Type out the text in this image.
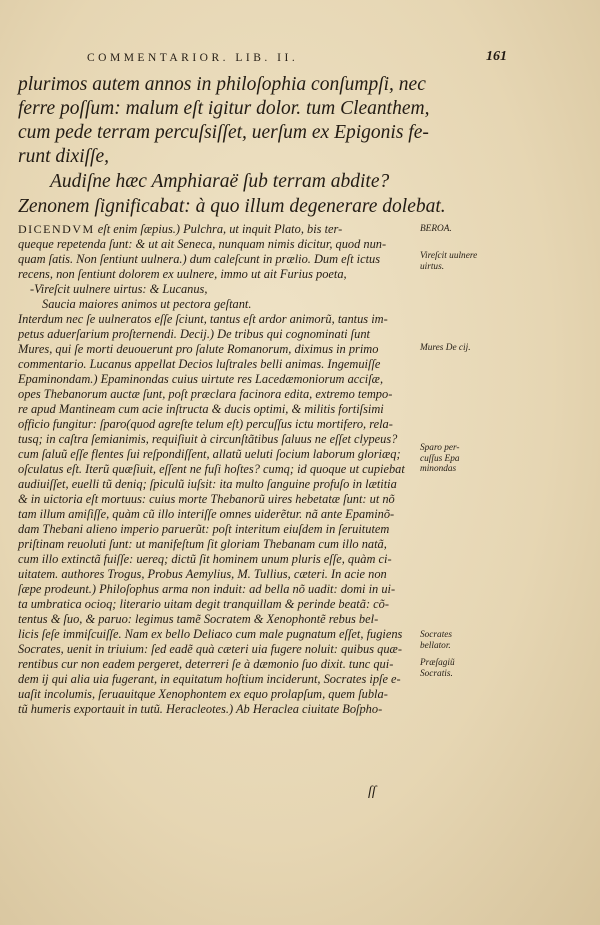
COMMENTARIOR. LIB. II.	161
plurimos autem annos in philoſophia conſumpſi, nec
ferre poſſum: malum eſt igitur dolor. tum Cleanthem,
cum pede terram percuſsiſſet, uerſum ex Epigonis fe-
runt dixiſſe,
Audiſne hæc Amphiaraë ſub terram abdite?
Zenonem ſignificabat: à quo illum degenerare dolebat.
DICENDVM eſt enim ſæpius.) Pulchra, ut inquit Plato, bis ter-
queque repetenda ſunt: & ut ait Seneca, nunquam nimis dicitur, quod nun-
quam ſatis. Non ſentiunt uulnera.) dum caleſcunt in prælio. Dum eſt ictus
recens, non ſentiunt dolorem ex uulnere, immo ut ait Furius poeta,
-Vireſcit uulnere uirtus: & Lucanus,
Sauciа maiores animos ut pectora geſtant.
Interdum nec ſe uulneratos eſſe ſciunt, tantus eſt ardor animorũ, tantus im-
petus aduerſarium proſternendi. Decij.) De tribus qui cognominati ſunt
Mures, qui ſe morti deuouerunt pro ſalute Romanorum, diximus in primo
commentario. Lucanus appellat Decios luſtrales belli animas. Ingemuiſſe
Epaminondam.) Epaminondas cuius uirtute res Lacedæmoniorum acciſæ,
opes Thebanorum auctæ ſunt, poſt præclara facinora edita, extremo tempo-
re apud Mantineam cum acie inſtructa & ducis optimi, & militis fortiſsimi
officio fungitur: ſparo(quod agreſte telum eſt) percuſſus ictu mortifero, rela-
tusq; in caſtra ſemianimis, requiſiuit à circunſtãtibus ſaluus ne eſſet clypeus?
cum ſaluũ eſſe flentes ſui reſpondiſſent, allatũ ueluti ſocium laborum gloriæq;
oſculatus eſt. Iterũ quæſiuit, eſſent ne fuſi hoſtes? cumq; id quoque ut cupiebat
audiuiſſet, euelli tũ deniq; ſpiculũ iuſsit: ita multo ſanguine profuſo in lætitia
& in uictoria eſt mortuus: cuius morte Thebanorũ uires hebetatæ ſunt: ut nõ
tam illum amiſiſſe, quàm cũ illo interiſſe omnes uiderẽtur. nã ante Epaminõ-
dam Thebani alieno imperio paruerũt: poſt interitum eiuſdem in ſeruitutem
priſtinam reuoluti ſunt: ut manifeſtum ſit gloriam Thebanam cum illo natã,
cum illo extinctã fuiſſe: uereq; dictũ ſit hominem unum pluris eſſe, quàm ci-
uitatem. authores Trogus, Probus Aemylius, M. Tullius, cæteri. In acie non
ſæpe prodeunt.) Philoſophus arma non induit: ad bella nõ uadit: domi in ui-
ta umbratica ocioq; literario uitam degit tranquillam & perinde beatã: cõ-
tentus & ſuo, & paruo: legimus tamẽ Socratem & Xenophontẽ rebus bel-
licis ſeſe immiſcuiſſe. Nam ex bello Deliaco cum male pugnatum eſſet, fugiens
Socrates, uenit in triuium: ſed eadẽ quà cæteri uia fugere noluit: quibus quæ-
rentibus cur non eadem pergeret, deterreri ſe à dæmonio ſuo dixit. tunc qui-
dem ij qui alia uia fugerant, in equitatum hoſtium inciderunt, Socrates ipſe e-
uaſit incolumis, ſeruauitque Xenophontem ex equo prolapſum, quem ſubla-
tũ humeris exportauit in tutũ. Heracleotes.) Ab Heraclea ciuitate Boſpho-
BEROA.
Vireſcit uulnere uirtus.
Mures De cij.
Sparo per-cuſſus Epa minondas
Socrates bellator.
Præſagiũ Socratis.
ſſ
